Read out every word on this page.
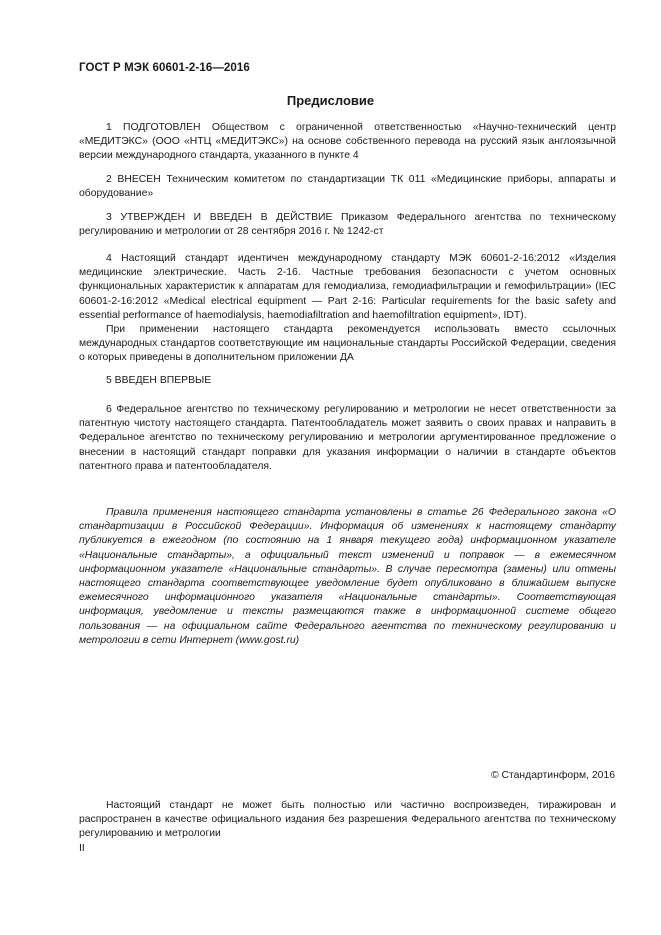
ГОСТ Р МЭК 60601-2-16—2016
Предисловие

1 ПОДГОТОВЛЕН Обществом с ограниченной ответственностью «Научно-технический центр «МЕДИТЭКС» (ООО «НТЦ «МЕДИТЭКС») на основе собственного перевода на русский язык англоязычной версии международного стандарта, указанного в пункте 4

2 ВНЕСЕН Техническим комитетом по стандартизации ТК 011 «Медицинские приборы, аппараты и оборудование»

3 УТВЕРЖДЕН И ВВЕДЕН В ДЕЙСТВИЕ Приказом Федерального агентства по техническому регулированию и метрологии от 28 сентября 2016 г. № 1242-ст

4 Настоящий стандарт идентичен международному стандарту МЭК 60601-2-16:2012 «Изделия медицинские электрические. Часть 2-16. Частные требования безопасности с учетом основных функциональных характеристик к аппаратам для гемодиализа, гемодиафильтрации и гемофильтрации» (IEC 60601-2-16:2012 «Medical electrical equipment — Part 2-16: Particular requirements for the basic safety and essential performance of haemodialysis, haemodiafiltration and haemofiltration equipment», IDT).

При применении настоящего стандарта рекомендуется использовать вместо ссылочных международных стандартов соответствующие им национальные стандарты Российской Федерации, сведения о которых приведены в дополнительном приложении ДА

5 ВВЕДЕН ВПЕРВЫЕ

6 Федеральное агентство по техническому регулированию и метрологии не несет ответственности за патентную чистоту настоящего стандарта. Патентообладатель может заявить о своих правах и направить в Федеральное агентство по техническому регулированию и метрологии аргументированное предложение о внесении в настоящий стандарт поправки для указания информации о наличии в стандарте объектов патентного права и патентообладателя.

Правила применения настоящего стандарта установлены в статье 26 Федерального закона «О стандартизации в Российской Федерации». Информация об изменениях к настоящему стандарту публикуется в ежегодном (по состоянию на 1 января текущего года) информационном указателе «Национальные стандарты», а официальный текст изменений и поправок — в ежемесячном информационном указателе «Национальные стандарты». В случае пересмотра (замены) или отмены настоящего стандарта соответствующее уведомление будет опубликовано в ближайшем выпуске ежемесячного информационного указателя «Национальные стандарты». Соответствующая информация, уведомление и тексты размещаются также в информационной системе общего пользования — на официальном сайте Федерального агентства по техническому регулированию и метрологии в сети Интернет (www.gost.ru)
© Стандартинформ, 2016
Настоящий стандарт не может быть полностью или частично воспроизведен, тиражирован и распространен в качестве официального издания без разрешения Федерального агентства по техническому регулированию и метрологии
II
